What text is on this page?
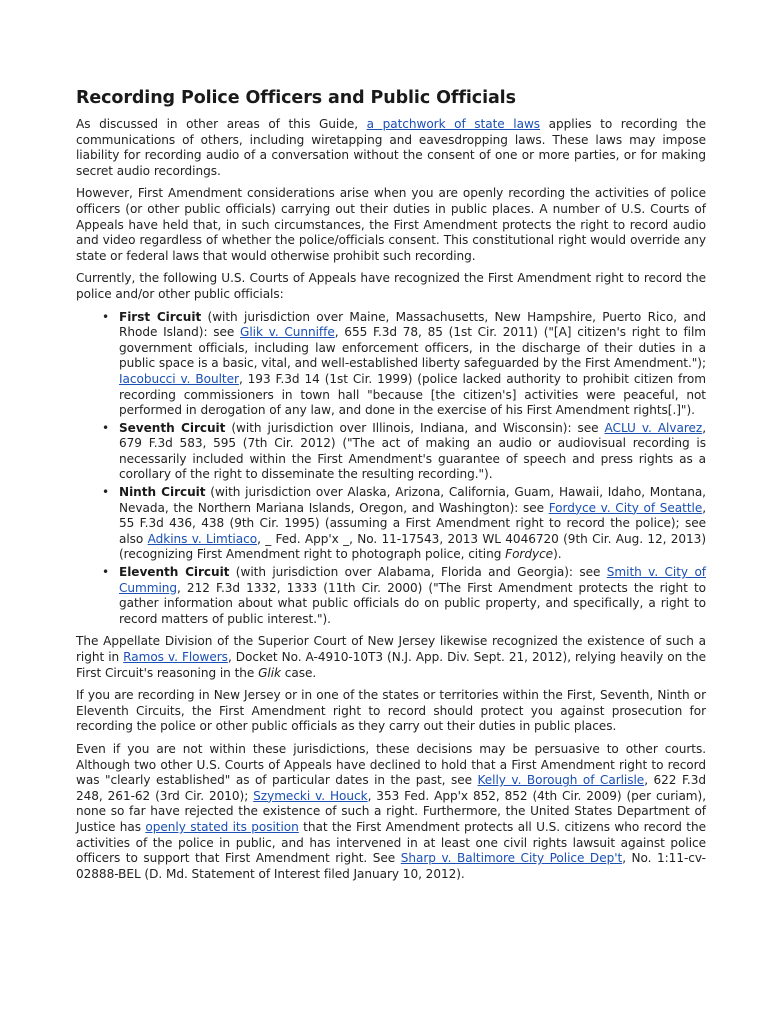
Recording Police Officers and Public Officials

As discussed in other areas of this Guide, a patchwork of state laws applies to recording the communications of others, including wiretapping and eavesdropping laws. These laws may impose liability for recording audio of a conversation without the consent of one or more parties, or for making secret audio recordings.

However, First Amendment considerations arise when you are openly recording the activities of police officers (or other public officials) carrying out their duties in public places. A number of U.S. Courts of Appeals have held that, in such circumstances, the First Amendment protects the right to record audio and video regardless of whether the police/officials consent. This constitutional right would override any state or federal laws that would otherwise prohibit such recording.

Currently, the following U.S. Courts of Appeals have recognized the First Amendment right to record the police and/or other public officials:

• First Circuit (with jurisdiction over Maine, Massachusetts, New Hampshire, Puerto Rico, and Rhode Island): see Glik v. Cunniffe, 655 F.3d 78, 85 (1st Cir. 2011) ("[A] citizen's right to film government officials, including law enforcement officers, in the discharge of their duties in a public space is a basic, vital, and well-established liberty safeguarded by the First Amendment."); Iacobucci v. Boulter, 193 F.3d 14 (1st Cir. 1999) (police lacked authority to prohibit citizen from recording commissioners in town hall "because [the citizen's] activities were peaceful, not performed in derogation of any law, and done in the exercise of his First Amendment rights[.]").
• Seventh Circuit (with jurisdiction over Illinois, Indiana, and Wisconsin): see ACLU v. Alvarez, 679 F.3d 583, 595 (7th Cir. 2012) ("The act of making an audio or audiovisual recording is necessarily included within the First Amendment's guarantee of speech and press rights as a corollary of the right to disseminate the resulting recording.").
• Ninth Circuit (with jurisdiction over Alaska, Arizona, California, Guam, Hawaii, Idaho, Montana, Nevada, the Northern Mariana Islands, Oregon, and Washington): see Fordyce v. City of Seattle, 55 F.3d 436, 438 (9th Cir. 1995) (assuming a First Amendment right to record the police); see also Adkins v. Limtiaco, _ Fed. App'x _, No. 11-17543, 2013 WL 4046720 (9th Cir. Aug. 12, 2013) (recognizing First Amendment right to photograph police, citing Fordyce).
• Eleventh Circuit (with jurisdiction over Alabama, Florida and Georgia): see Smith v. City of Cumming, 212 F.3d 1332, 1333 (11th Cir. 2000) ("The First Amendment protects the right to gather information about what public officials do on public property, and specifically, a right to record matters of public interest.").

The Appellate Division of the Superior Court of New Jersey likewise recognized the existence of such a right in Ramos v. Flowers, Docket No. A-4910-10T3 (N.J. App. Div. Sept. 21, 2012), relying heavily on the First Circuit's reasoning in the Glik case.

If you are recording in New Jersey or in one of the states or territories within the First, Seventh, Ninth or Eleventh Circuits, the First Amendment right to record should protect you against prosecution for recording the police or other public officials as they carry out their duties in public places.

Even if you are not within these jurisdictions, these decisions may be persuasive to other courts. Although two other U.S. Courts of Appeals have declined to hold that a First Amendment right to record was "clearly established" as of particular dates in the past, see Kelly v. Borough of Carlisle, 622 F.3d 248, 261-62 (3rd Cir. 2010); Szymecki v. Houck, 353 Fed. App'x 852, 852 (4th Cir. 2009) (per curiam), none so far have rejected the existence of such a right. Furthermore, the United States Department of Justice has openly stated its position that the First Amendment protects all U.S. citizens who record the activities of the police in public, and has intervened in at least one civil rights lawsuit against police officers to support that First Amendment right. See Sharp v. Baltimore City Police Dep't, No. 1:11-cv-02888-BEL (D. Md. Statement of Interest filed January 10, 2012).
